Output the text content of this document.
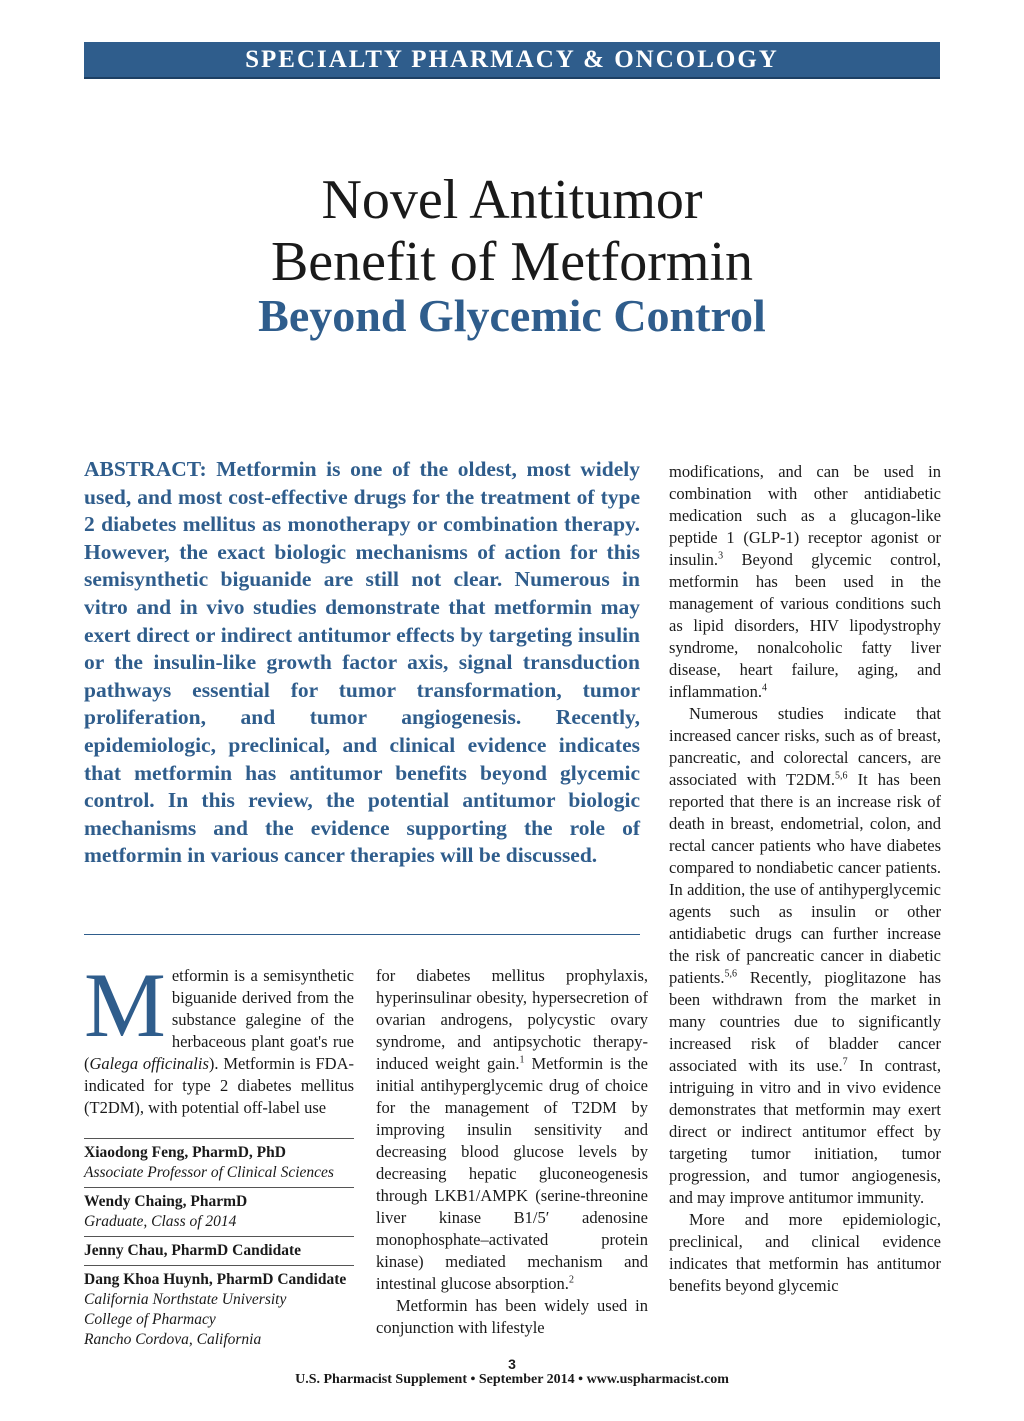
SPECIALTY PHARMACY & ONCOLOGY
Novel Antitumor
Benefit of Metformin
Beyond Glycemic Control
ABSTRACT: Metformin is one of the oldest, most widely used, and most cost-effective drugs for the treatment of type 2 diabetes mellitus as monotherapy or combination therapy. However, the exact biologic mechanisms of action for this semisynthetic biguanide are still not clear. Numerous in vitro and in vivo studies demonstrate that metformin may exert direct or indirect antitumor effects by targeting insulin or the insulin-like growth factor axis, signal transduction pathways essential for tumor transformation, tumor proliferation, and tumor angiogenesis. Recently, epidemiologic, preclinical, and clinical evidence indicates that metformin has antitumor benefits beyond glycemic control. In this review, the potential antitumor biologic mechanisms and the evidence supporting the role of metformin in various cancer therapies will be discussed.

Metformin is a semisynthetic biguanide derived from the substance galegine of the herbaceous plant goat's rue (Galega officinalis). Metformin is FDA-indicated for type 2 diabetes mellitus (T2DM), with potential off-label use

Xiaodong Feng, PharmD, PhD
Associate Professor of Clinical Sciences
Wendy Chaing, PharmD
Graduate, Class of 2014
Jenny Chau, PharmD Candidate
Dang Khoa Huynh, PharmD Candidate
California Northstate University
College of Pharmacy
Rancho Cordova, California

for diabetes mellitus prophylaxis, hyperinsulinar obesity, hypersecretion of ovarian androgens, polycystic ovary syndrome, and antipsychotic therapy-induced weight gain.$^1$ Metformin is the initial antihyperglycemic drug of choice for the management of T2DM by improving insulin sensitivity and decreasing blood glucose levels by decreasing hepatic gluconeogenesis through LKB1/AMPK (serine-threonine liver kinase B1/5′ adenosine monophosphate–activated protein kinase) mediated mechanism and intestinal glucose absorption.$^2$

Metformin has been widely used in conjunction with lifestyle

modifications, and can be used in combination with other antidiabetic medication such as a glucagon-like peptide 1 (GLP-1) receptor agonist or insulin.$^3$ Beyond glycemic control, metformin has been used in the management of various conditions such as lipid disorders, HIV lipodystrophy syndrome, nonalcoholic fatty liver disease, heart failure, aging, and inflammation.$^4$

Numerous studies indicate that increased cancer risks, such as of breast, pancreatic, and colorectal cancers, are associated with T2DM.$^{5,6}$ It has been reported that there is an increase risk of death in breast, endometrial, colon, and rectal cancer patients who have diabetes compared to nondiabetic cancer patients. In addition, the use of antihyperglycemic agents such as insulin or other antidiabetic drugs can further increase the risk of pancreatic cancer in diabetic patients.$^{5,6}$ Recently, pioglitazone has been withdrawn from the market in many countries due to significantly increased risk of bladder cancer associated with its use.$^7$ In contrast, intriguing in vitro and in vivo evidence demonstrates that metformin may exert direct or indirect antitumor effect by targeting tumor initiation, tumor progression, and tumor angiogenesis, and may improve antitumor immunity.

More and more epidemiologic, preclinical, and clinical evidence indicates that metformin has antitumor benefits beyond glycemic

3
U.S. Pharmacist Supplement • September 2014 • www.uspharmacist.com
